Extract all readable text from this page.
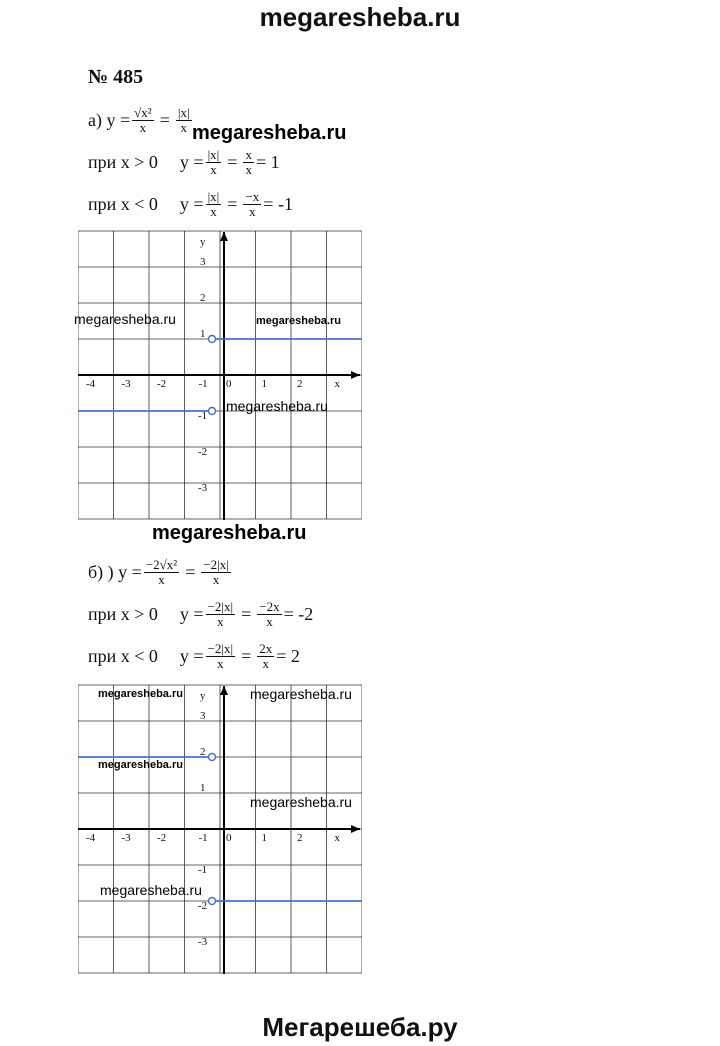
megaresheba.ru
№ 485
а) $y = \frac{\text{√x²}}{x} = \frac{|x|}{x}$
при x > 0 $y = \frac{|x|}{x} = \frac{x}{x} = 1$
при x < 0 $y = \frac{|x|}{x} = \frac{-x}{x} = -1$
-4 -3 -2	-1 0	1	2	x
3
2
1
-1
-2
-3
y
б) ) $y = \frac{\text{−2√x²}}{x} = \frac{-2|x|}{x}$
при x > 0 $y = \frac{-2|x|}{x} = \frac{-2x}{x} = -2$
при x < 0 $y = \frac{-2|x|}{x} = \frac{2x}{x} = 2$
-4 -3 -2	-1 0	1	2	x
3
2
1
-1
-2
-3
y
megaresheba.ru
megaresheba.ru	megaresheba.ru
megaresheba.ru
megaresheba.ru
megaresheba.ru	megaresheba.ru
megaresheba.ru
megaresheba.ru
megaresheba.ru
Мегарешеба.ру
